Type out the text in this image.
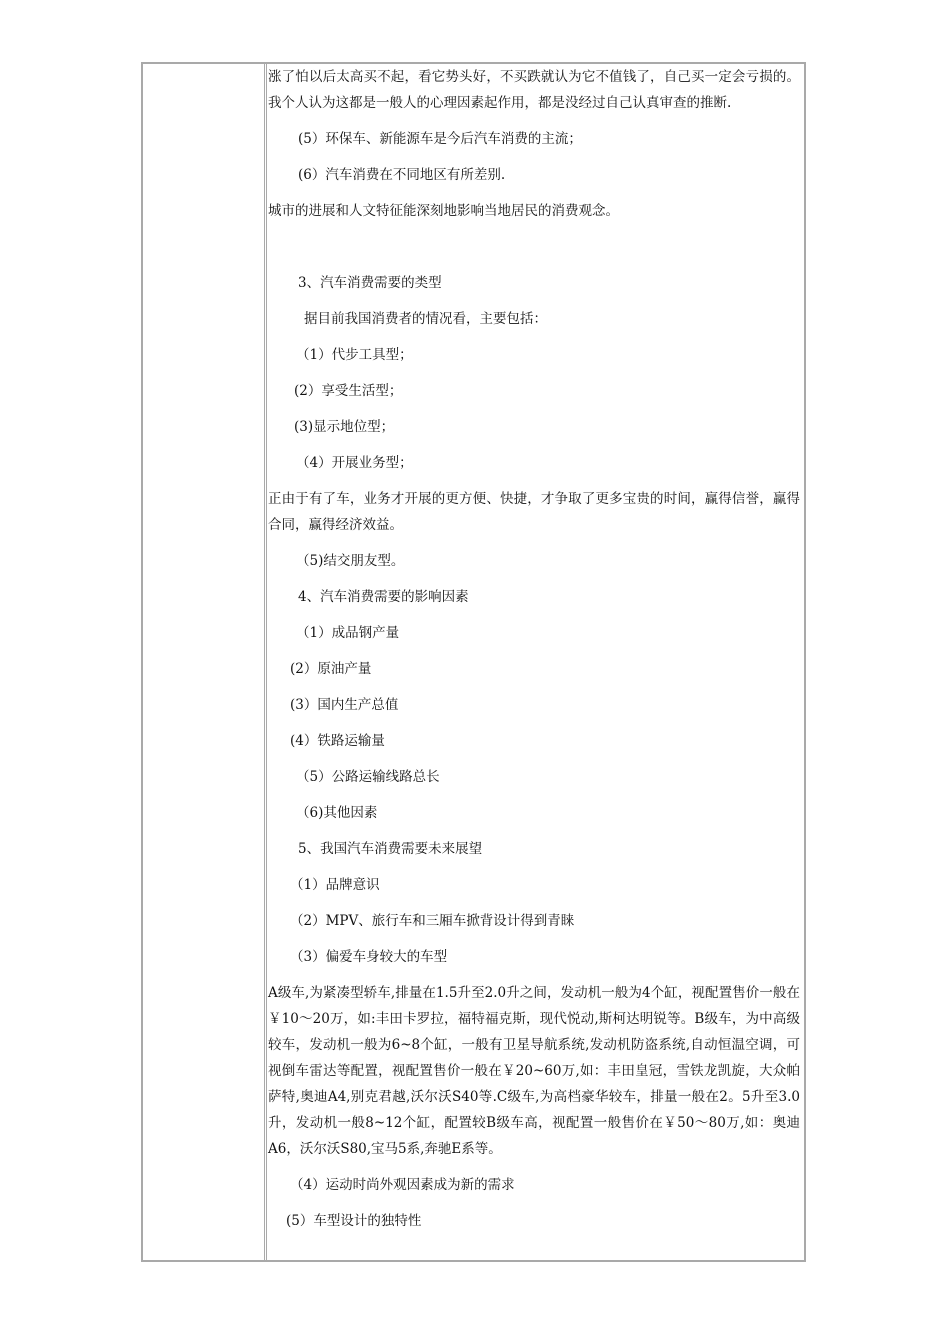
涨了怕以后太高买不起，看它势头好，不买跌就认为它不值钱了，自己买一定会亏损的。我个人认为这都是一般人的心理因素起作用，都是没经过自己认真审查的推断.

(5）环保车、新能源车是今后汽车消费的主流；

(6）汽车消费在不同地区有所差别.

城市的进展和人文特征能深刻地影响当地居民的消费观念。

3、汽车消费需要的类型

据目前我国消费者的情况看，主要包括：

（1）代步工具型；

(2）享受生活型；

(3)显示地位型；

（4）开展业务型；

正由于有了车，业务才开展的更方便、快捷，才争取了更多宝贵的时间，赢得信誉，赢得合同，赢得经济效益。

（5)结交朋友型。

4、汽车消费需要的影响因素

（1）成品钢产量

(2）原油产量

(3）国内生产总值

(4）铁路运输量

（5）公路运输线路总长

（6)其他因素

5、我国汽车消费需要未来展望

（1）品牌意识

（2）MPV、旅行车和三厢车掀背设计得到青睐

（3）偏爱车身较大的车型

A级车,为紧凑型轿车,排量在1.5升至2.0升之间，发动机一般为4个缸，视配置售价一般在￥10～20万，如:丰田卡罗拉，福特福克斯，现代悦动,斯柯达明锐等。B级车，为中高级较车，发动机一般为6~8个缸，一般有卫星导航系统,发动机防盗系统,自动恒温空调，可视倒车雷达等配置，视配置售价一般在￥20~60万,如：丰田皇冠，雪铁龙凯旋，大众帕萨特,奥迪A4,别克君越,沃尔沃S40等.C级车,为高档豪华较车，排量一般在2。5升至3.0升，发动机一般8~12个缸，配置较B级车高，视配置一般售价在￥50～80万,如：奥迪A6，沃尔沃S80,宝马5系,奔驰E系等。

（4）运动时尚外观因素成为新的需求

(5）车型设计的独特性
